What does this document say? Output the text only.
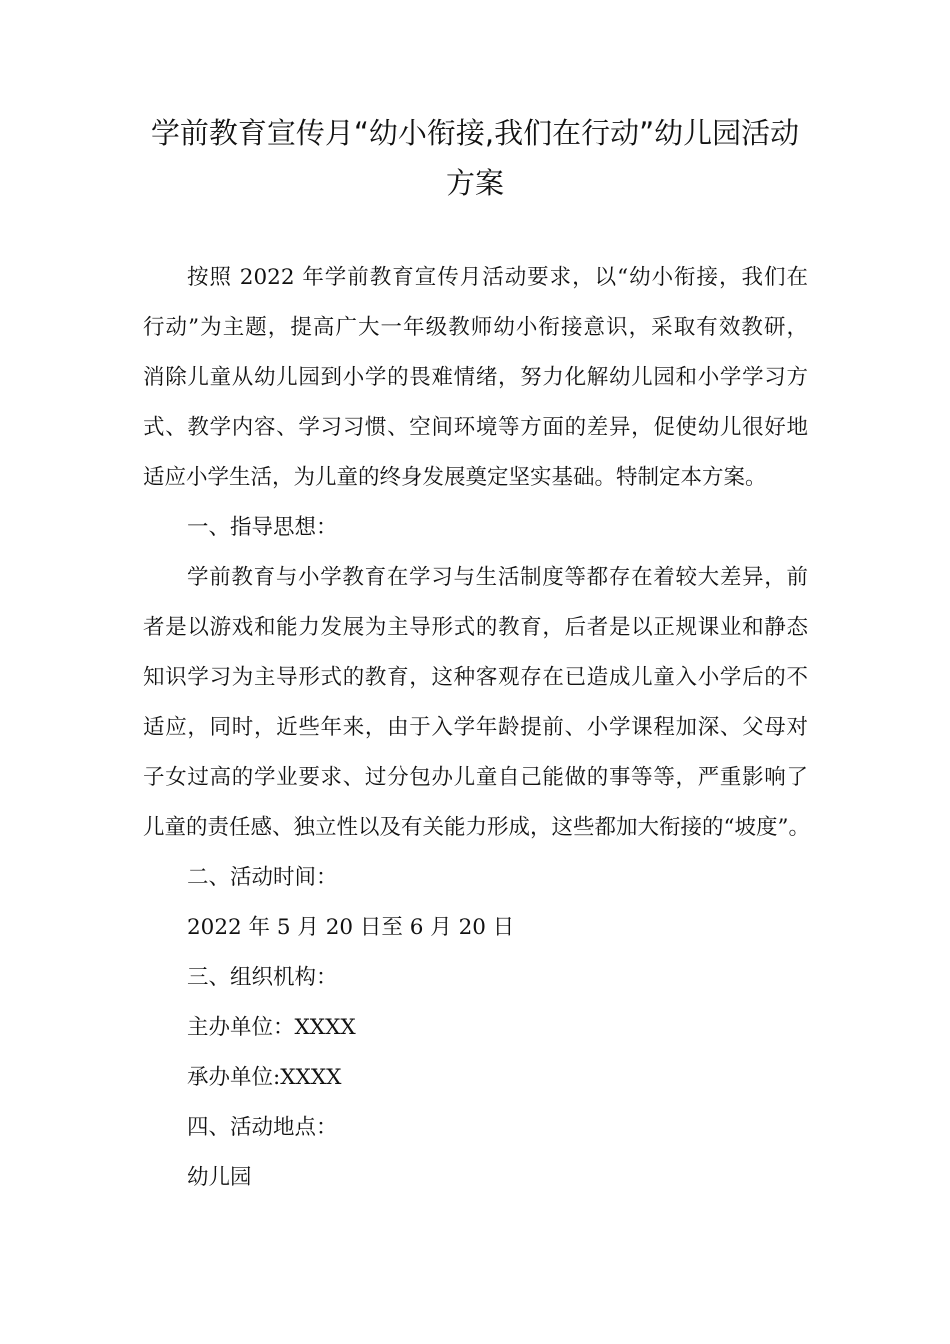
学前教育宣传月“幼小衔接,我们在行动”幼儿园活动
方案
按照 2022 年学前教育宣传月活动要求，以“幼小衔接，我们在
行动”为主题，提高广大一年级教师幼小衔接意识，采取有效教研，
消除儿童从幼儿园到小学的畏难情绪，努力化解幼儿园和小学学习方
式、教学内容、学习习惯、空间环境等方面的差异，促使幼儿很好地
适应小学生活，为儿童的终身发展奠定坚实基础。特制定本方案。

一、指导思想：

学前教育与小学教育在学习与生活制度等都存在着较大差异，前
者是以游戏和能力发展为主导形式的教育，后者是以正规课业和静态
知识学习为主导形式的教育，这种客观存在已造成儿童入小学后的不
适应，同时，近些年来，由于入学年龄提前、小学课程加深、父母对
子女过高的学业要求、过分包办儿童自己能做的事等等，严重影响了
儿童的责任感、独立性以及有关能力形成，这些都加大衔接的“坡度”。

二、活动时间：

2022 年 5 月 20 日至 6 月 20 日

三、组织机构：

主办单位：XXXX

承办单位:XXXX

四、活动地点：

幼儿园
